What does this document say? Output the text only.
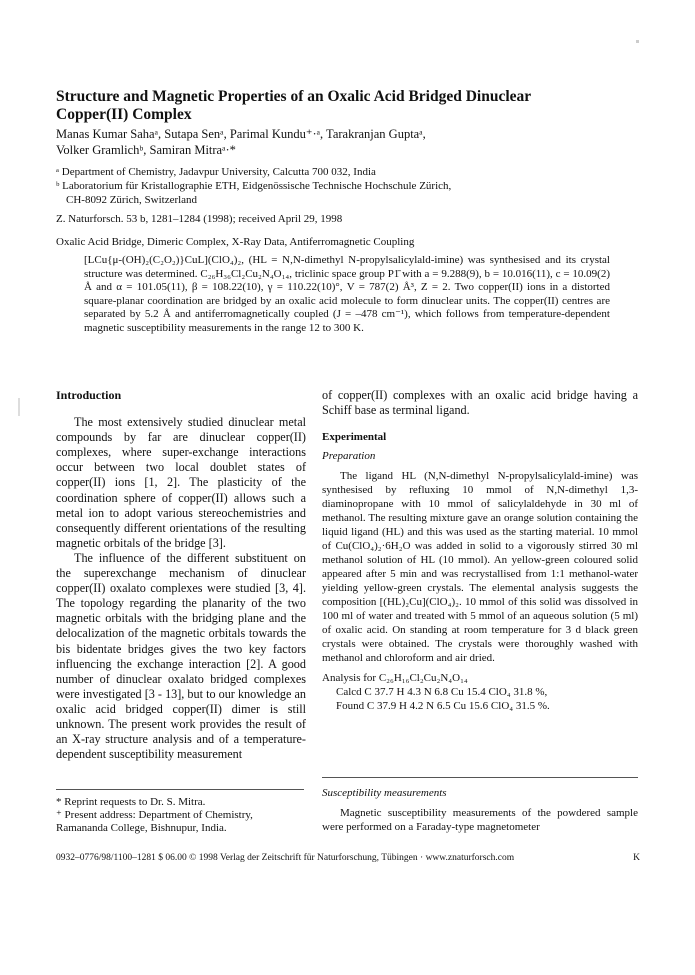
Structure and Magnetic Properties of an Oxalic Acid Bridged Dinuclear Copper(II) Complex
Manas Kumar Sahaᵃ, Sutapa Senᵃ, Parimal Kundu⁺·ᵃ, Tarakranjan Guptaᵃ,
Volker Gramlichᵇ, Samiran Mitraᵃ·*
ᵃ Department of Chemistry, Jadavpur University, Calcutta 700 032, India
ᵇ Laboratorium für Kristallographie ETH, Eidgenössische Technische Hochschule Zürich,
CH-8092 Zürich, Switzerland
Z. Naturforsch. 53 b, 1281–1284 (1998); received April 29, 1998
Oxalic Acid Bridge, Dimeric Complex, X-Ray Data, Antiferromagnetic Coupling
[LCu{μ-(OH)₂(C₂O₂)}CuL](ClO₄)₂, (HL = N,N-dimethyl N-propylsalicylald-imine) was synthesised and its crystal structure was determined. C₂₆H₃₆Cl₂Cu₂N₄O₁₄, triclinic space group P1̄ with a = 9.288(9), b = 10.016(11), c = 10.09(2) Å and α = 101.05(11), β = 108.22(10), γ = 110.22(10)°, V = 787(2) Å³, Z = 2. Two copper(II) ions in a distorted square-planar coordination are bridged by an oxalic acid molecule to form dinuclear units. The copper(II) centres are separated by 5.2 Å and antiferromagnetically coupled (J = –478 cm⁻¹), which follows from temperature-dependent magnetic susceptibility measurements in the range 12 to 300 K.
Introduction

The most extensively studied dinuclear metal compounds by far are dinuclear copper(II) complexes, where super-exchange interactions occur between two local doublet states of copper(II) ions [1, 2]. The plasticity of the coordination sphere of copper(II) allows such a metal ion to adopt various stereochemistries and consequently different orientations of the resulting magnetic orbitals of the bridge [3].

The influence of the different substituent on the superexchange mechanism of dinuclear copper(II) oxalato complexes were studied [3, 4]. The topology regarding the planarity of the two magnetic orbitals with the bridging plane and the delocalization of the magnetic orbitals towards the bis bidentate bridges gives the two key factors influencing the exchange interaction [2]. A good number of dinuclear oxalato bridged complexes were investigated [3 - 13], but to our knowledge an oxalic acid bridged copper(II) dimer is still unknown. The present work provides the result of an X-ray structure analysis and of a temperature-dependent susceptibility measurement

of copper(II) complexes with an oxalic acid bridge having a Schiff base as terminal ligand.

Experimental

Preparation

The ligand HL (N,N-dimethyl N-propylsalicylald-imine) was synthesised by refluxing 10 mmol of N,N-dimethyl 1,3-diaminopropane with 10 mmol of salicylaldehyde in 30 ml of methanol. The resulting mixture gave an orange solution containing the liquid ligand (HL) and this was used as the starting material. 10 mmol of Cu(ClO₄)₂·6H₂O was added in solid to a vigorously stirred 30 ml methanol solution of HL (10 mmol). An yellow-green coloured solid appeared after 5 min and was recrystallised from 1:1 methanol-water yielding yellow-green crystals. The elemental analysis suggests the composition [(HL)₂Cu](ClO₄)₂. 10 mmol of this solid was dissolved in 100 ml of water and treated with 5 mmol of an aqueous solution (5 ml) of oxalic acid. On standing at room temperature for 3 d black green crystals were obtained. The crystals were thoroughly washed with methanol and chloroform and air dried.

Analysis for C₂₆H₁₆Cl₂Cu₂N₄O₁₄
Calcd C 37.7 H 4.3 N 6.8 Cu 15.4 ClO₄ 31.8 %,
Found C 37.9 H 4.2 N 6.5 Cu 15.6 ClO₄ 31.5 %.

Susceptibility measurements

Magnetic susceptibility measurements of the powdered sample were performed on a Faraday-type magnetometer

* Reprint requests to Dr. S. Mitra.
⁺ Present address: Department of Chemistry, Ramananda College, Bishnupur, India.
0932–0776/98/1100–1281 $ 06.00 © 1998 Verlag der Zeitschrift für Naturforschung, Tübingen · www.znaturforsch.com	K
